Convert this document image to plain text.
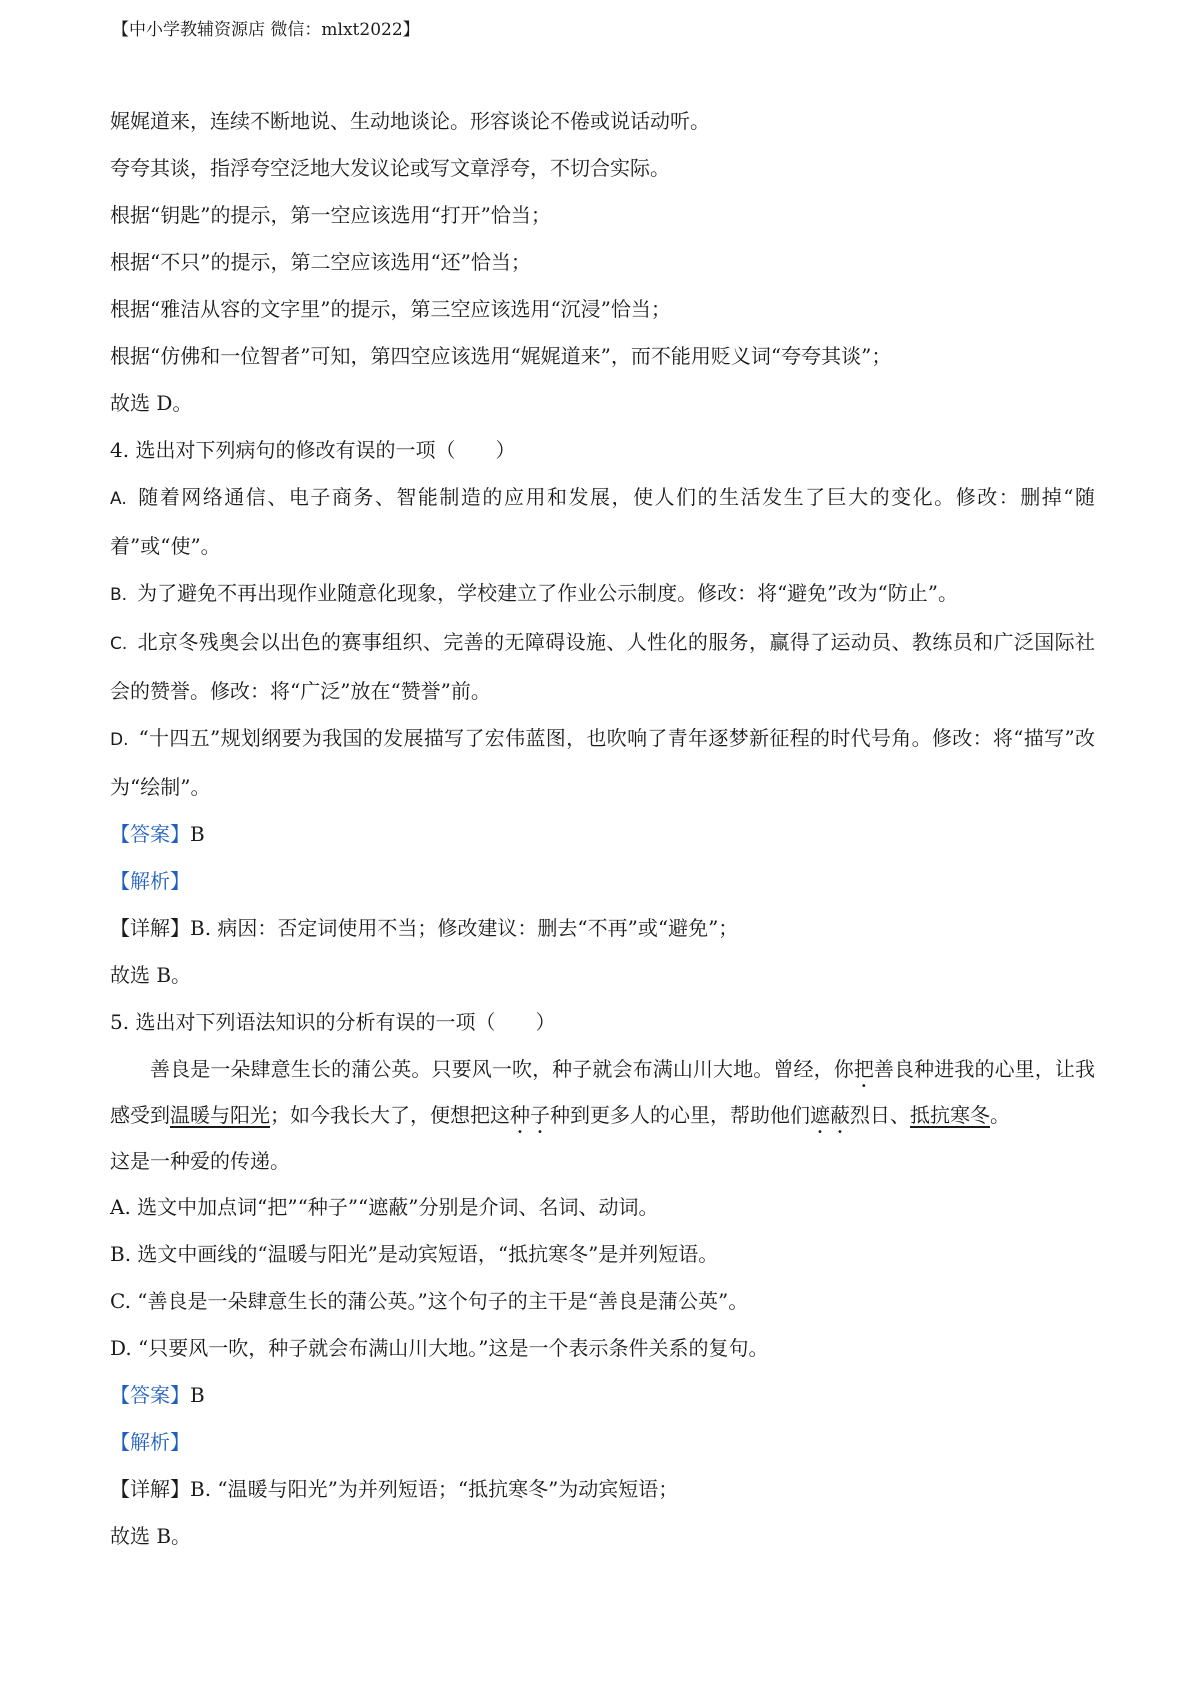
【中小学教辅资源店 微信：mlxt2022】

娓娓道来，连续不断地说、生动地谈论。形容谈论不倦或说话动听。

夸夸其谈，指浮夸空泛地大发议论或写文章浮夸，不切合实际。

根据“钥匙”的提示，第一空应该选用“打开”恰当；

根据“不只”的提示，第二空应该选用“还”恰当；

根据“雅洁从容的文字里”的提示，第三空应该选用“沉浸”恰当；

根据“仿佛和一位智者”可知，第四空应该选用“娓娓道来”，而不能用贬义词“夸夸其谈”；

故选 D。

4. 选出对下列病句的修改有误的一项（　　）

A. 随着网络通信、电子商务、智能制造的应用和发展，使人们的生活发生了巨大的变化。修改：删掉“随着”或“使”。

B. 为了避免不再出现作业随意化现象，学校建立了作业公示制度。修改：将“避免”改为“防止”。

C. 北京冬残奥会以出色的赛事组织、完善的无障碍设施、人性化的服务，赢得了运动员、教练员和广泛国际社会的赞誉。修改：将“广泛”放在“赞誉”前。

D. “十四五”规划纲要为我国的发展描写了宏伟蓝图，也吹响了青年逐梦新征程的时代号角。修改：将“描写”改为“绘制”。

【答案】B

【解析】

【详解】B. 病因：否定词使用不当；修改建议：删去“不再”或“避免”；

故选 B。

5. 选出对下列语法知识的分析有误的一项（　　）

善良是一朵肆意生长的蒲公英。只要风一吹，种子就会布满山川大地。曾经，你把善良种进我的心里，让我感受到温暖与阳光；如今我长大了，便想把这种子种到更多人的心里，帮助他们遮蔽烈日、抵抗寒冬。

这是一种爱的传递。

A. 选文中加点词“把”“种子”“遮蔽”分别是介词、名词、动词。

B. 选文中画线的“温暖与阳光”是动宾短语，“抵抗寒冬”是并列短语。

C. “善良是一朵肆意生长的蒲公英。”这个句子的主干是“善良是蒲公英”。

D. “只要风一吹，种子就会布满山川大地。”这是一个表示条件关系的复句。

【答案】B

【解析】

【详解】B. “温暖与阳光”为并列短语；“抵抗寒冬”为动宾短语；

故选 B。
